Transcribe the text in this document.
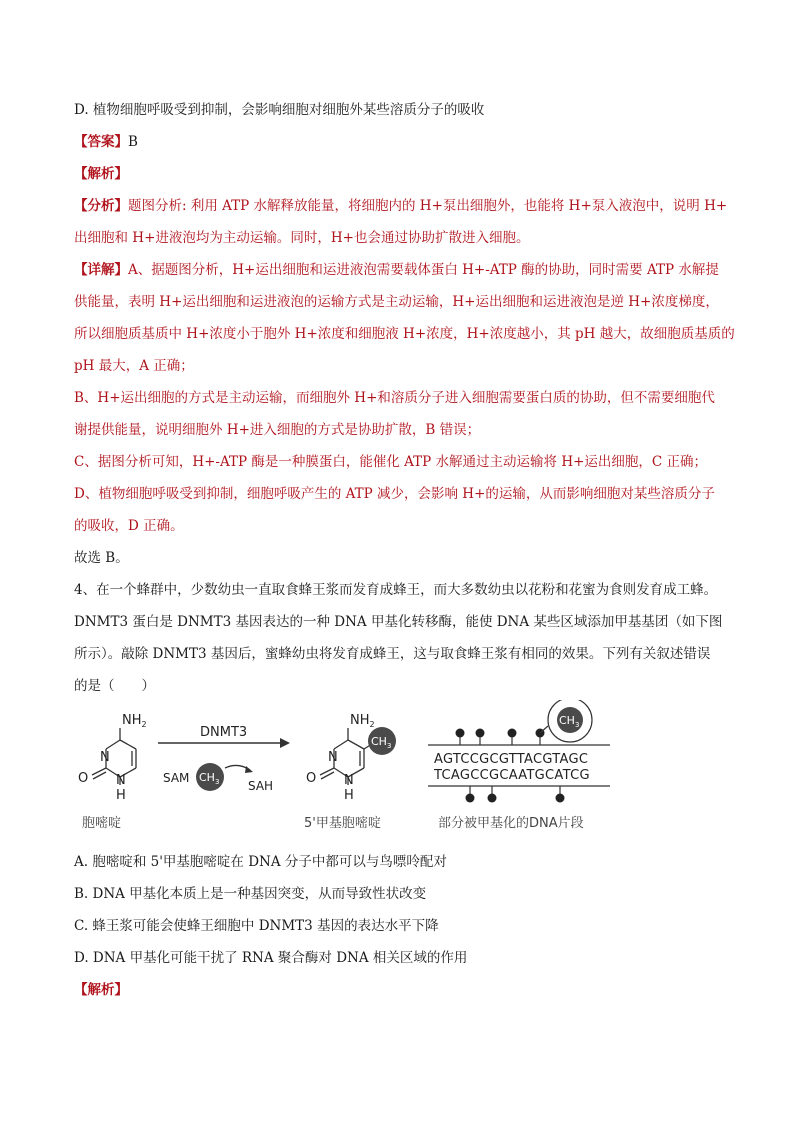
D. 植物细胞呼吸受到抑制，会影响细胞对细胞外某些溶质分子的吸收
【答案】B
【解析】
【分析】题图分析: 利用 ATP 水解释放能量，将细胞内的 H+泵出细胞外，也能将 H+泵入液泡中，说明 H+
出细胞和 H+进液泡均为主动运输。同时，H+也会通过协助扩散进入细胞。
【详解】A、据题图分析，H+运出细胞和运进液泡需要载体蛋白 H+-ATP 酶的协助，同时需要 ATP 水解提
供能量，表明 H+运出细胞和运进液泡的运输方式是主动运输，H+运出细胞和运进液泡是逆 H+浓度梯度，
所以细胞质基质中 H+浓度小于胞外 H+浓度和细胞液 H+浓度，H+浓度越小，其 pH 越大，故细胞质基质的
pH 最大，A 正确；
B、H+运出细胞的方式是主动运输，而细胞外 H+和溶质分子进入细胞需要蛋白质的协助，但不需要细胞代
谢提供能量，说明细胞外 H+进入细胞的方式是协助扩散，B 错误；
C、据图分析可知，H+-ATP 酶是一种膜蛋白，能催化 ATP 水解通过主动运输将 H+运出细胞，C 正确；
D、植物细胞呼吸受到抑制，细胞呼吸产生的 ATP 减少，会影响 H+的运输，从而影响细胞对某些溶质分子
的吸收，D 正确。
故选 B。
4、在一个蜂群中，少数幼虫一直取食蜂王浆而发育成蜂王，而大多数幼虫以花粉和花蜜为食则发育成工蜂。
DNMT3 蛋白是 DNMT3 基因表达的一种 DNA 甲基化转移酶，能使 DNA 某些区域添加甲基基团（如下图
所示）。敲除 DNMT3 基因后，蜜蜂幼虫将发育成蜂王，这与取食蜂王浆有相同的效果。下列有关叙述错误
的是（　　）
$NH_2$
N
N
H
O
胞嘧啶
DNMT3
SAM $CH_3$ SAH
$NH_2$
N
N
H
O
$CH_3$
5'甲基胞嘧啶
$CH_3$
AGTCCGCGTTACGTAGC
TCAGCCGCAATGCATCG
部分被甲基化的DNA片段
A. 胞嘧啶和 5'甲基胞嘧啶在 DNA 分子中都可以与鸟嘌呤配对
B. DNA 甲基化本质上是一种基因突变，从而导致性状改变
C. 蜂王浆可能会使蜂王细胞中 DNMT3 基因的表达水平下降
D. DNA 甲基化可能干扰了 RNA 聚合酶对 DNA 相关区域的作用
【解析】
